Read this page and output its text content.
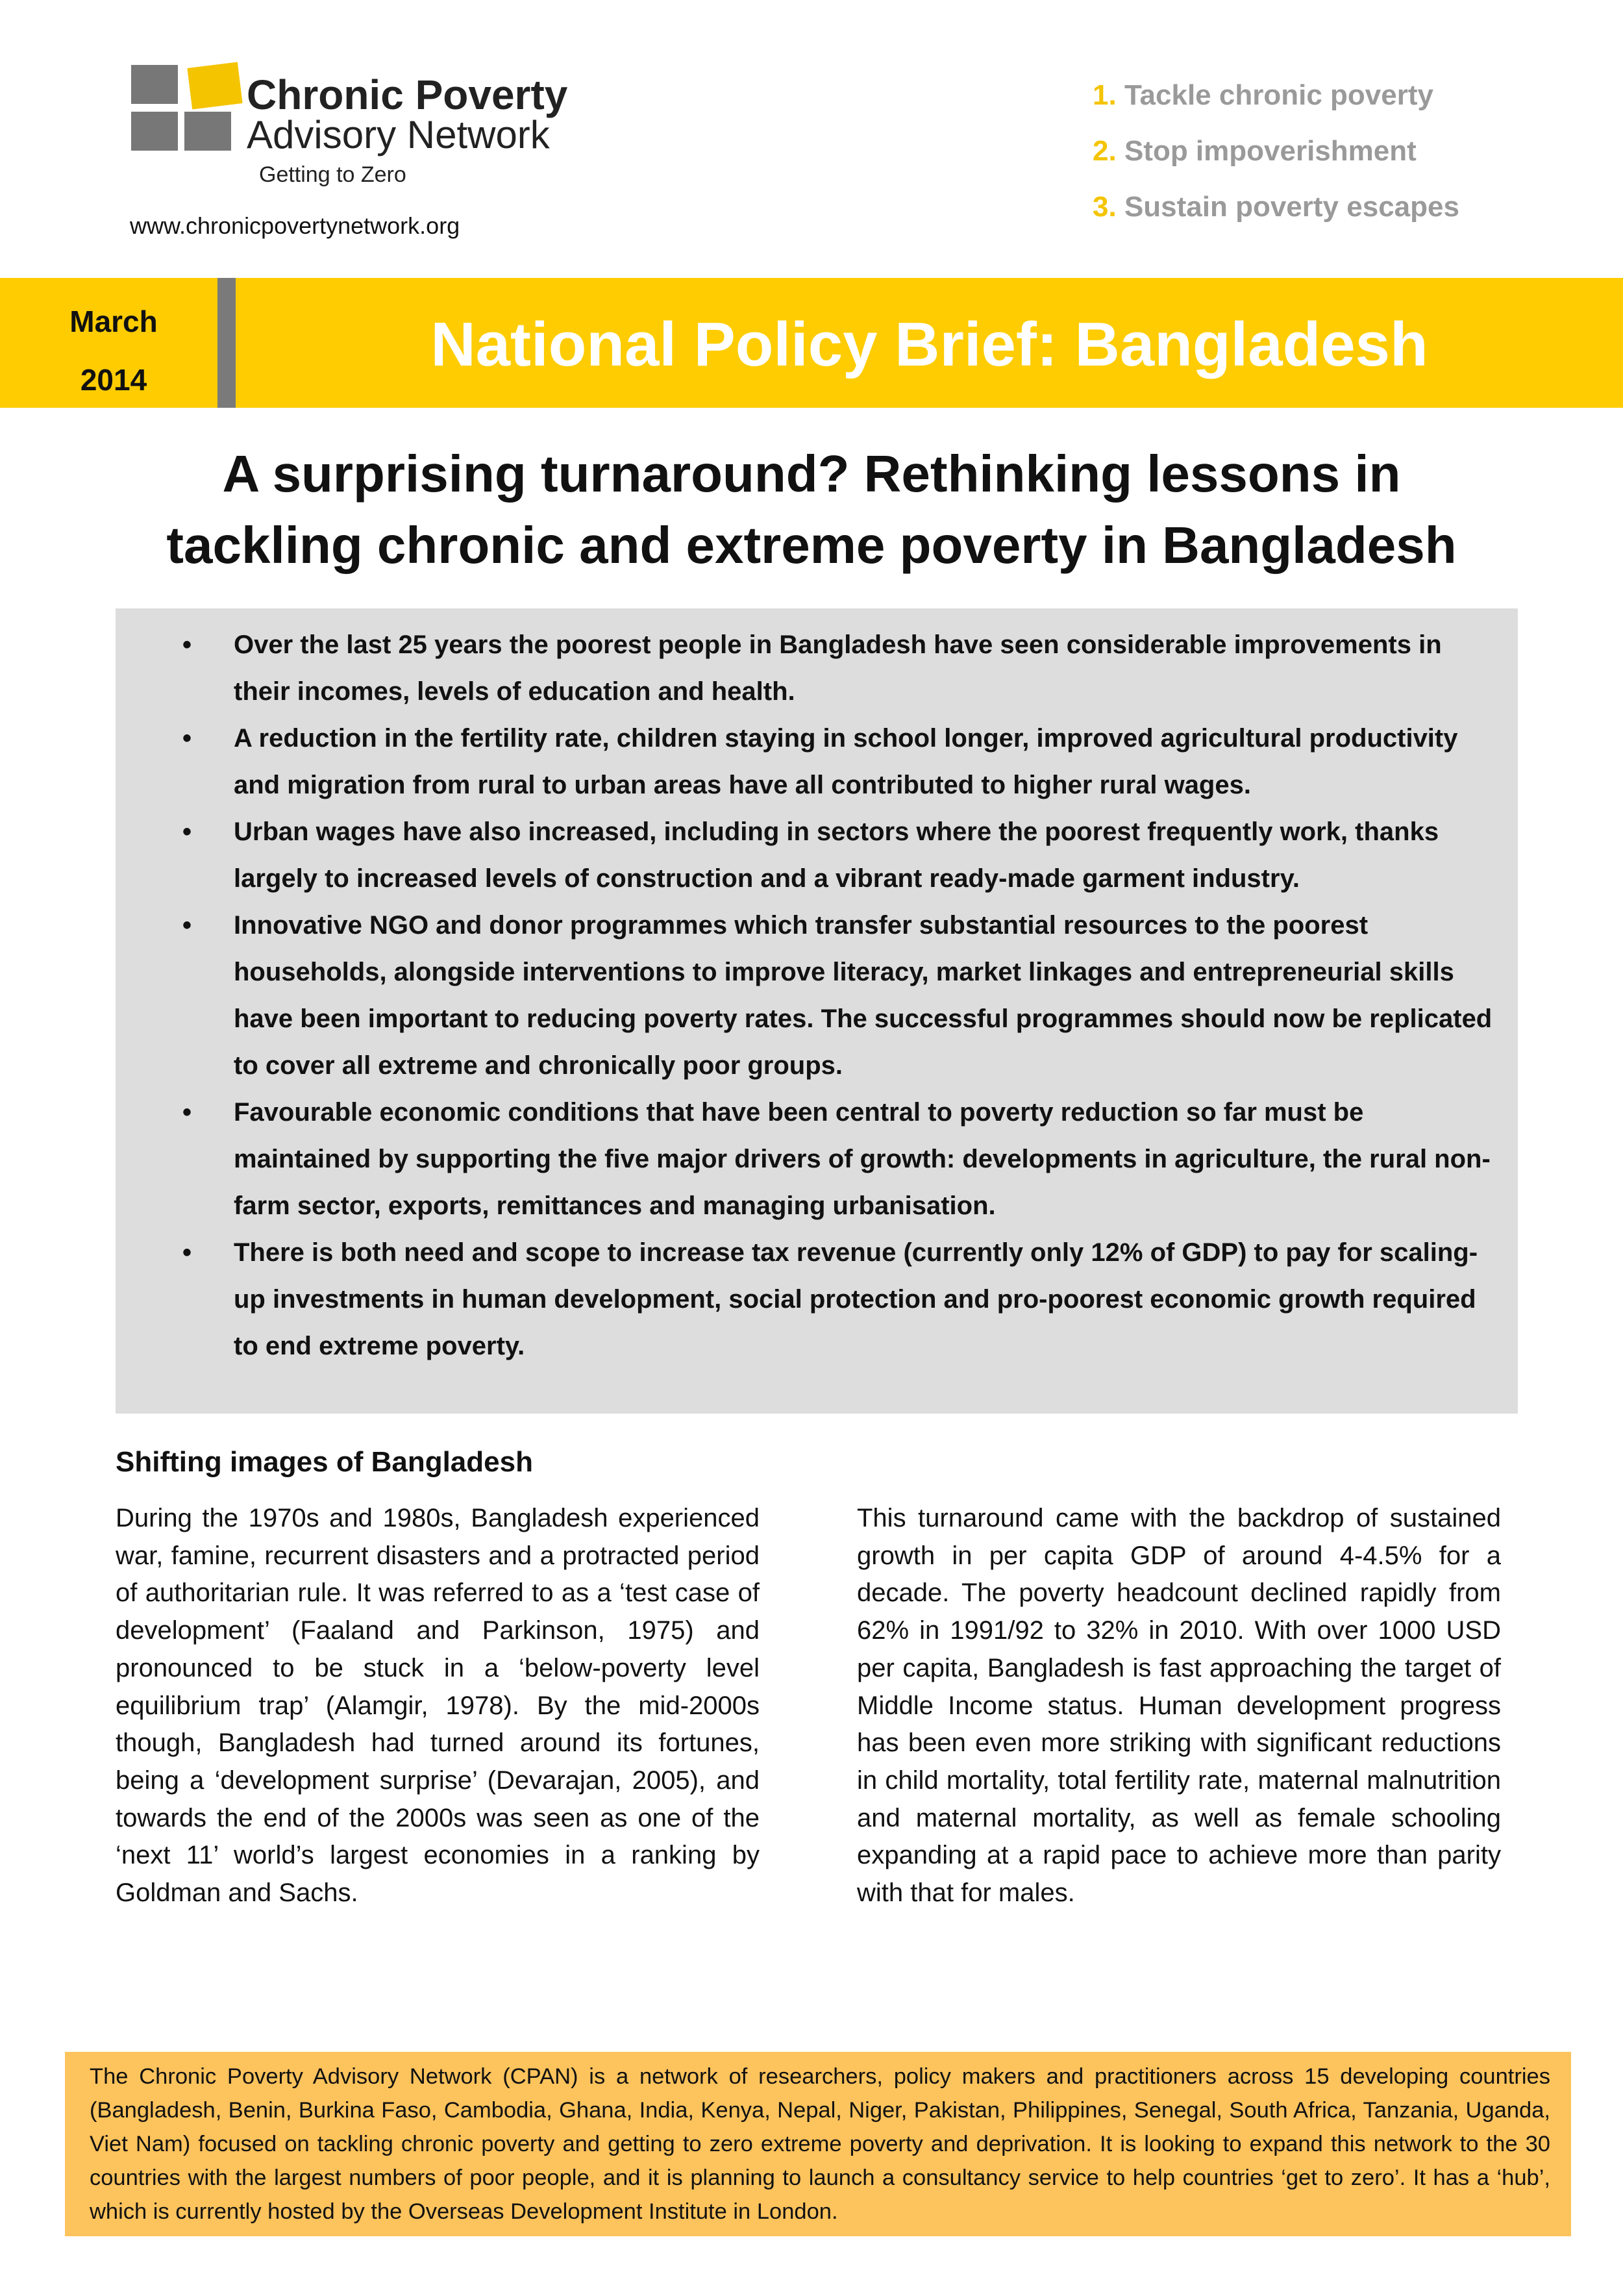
Chronic Poverty
Advisory Network
Getting to Zero
www.chronicpovertynetwork.org
1. Tackle chronic poverty
2. Stop impoverishment
3. Sustain poverty escapes
March
2014
National Policy Brief: Bangladesh
A surprising turnaround? Rethinking lessons in
tackling chronic and extreme poverty in Bangladesh
• Over the last 25 years the poorest people in Bangladesh have seen considerable improvements in their incomes, levels of education and health.
• A reduction in the fertility rate, children staying in school longer, improved agricultural productivity and migration from rural to urban areas have all contributed to higher rural wages.
• Urban wages have also increased, including in sectors where the poorest frequently work, thanks largely to increased levels of construction and a vibrant ready-made garment industry.
• Innovative NGO and donor programmes which transfer substantial resources to the poorest households, alongside interventions to improve literacy, market linkages and entrepreneurial skills have been important to reducing poverty rates. The successful programmes should now be replicated to cover all extreme and chronically poor groups.
• Favourable economic conditions that have been central to poverty reduction so far must be maintained by supporting the five major drivers of growth: developments in agriculture, the rural non-farm sector, exports, remittances and managing urbanisation.
• There is both need and scope to increase tax revenue (currently only 12% of GDP) to pay for scaling-up investments in human development, social protection and pro-poorest economic growth required to end extreme poverty.
Shifting images of Bangladesh
During the 1970s and 1980s, Bangladesh experienced war, famine, recurrent disasters and a protracted period of authoritarian rule. It was referred to as a ‘test case of development’ (Faaland and Parkinson, 1975) and pronounced to be stuck in a ‘below-poverty level equilibrium trap’ (Alamgir, 1978). By the mid-2000s though, Bangladesh had turned around its fortunes, being a ‘development surprise’ (Devarajan, 2005), and towards the end of the 2000s was seen as one of the ‘next 11’ world’s largest economies in a ranking by Goldman and Sachs.
This turnaround came with the backdrop of sustained growth in per capita GDP of around 4-4.5% for a decade. The poverty headcount declined rapidly from 62% in 1991/92 to 32% in 2010. With over 1000 USD per capita, Bangladesh is fast approaching the target of Middle Income status. Human development progress has been even more striking with significant reductions in child mortality, total fertility rate, maternal malnutrition and maternal mortality, as well as female schooling expanding at a rapid pace to achieve more than parity with that for males.

The Chronic Poverty Advisory Network (CPAN) is a network of researchers, policy makers and practitioners across 15 developing countries (Bangladesh, Benin, Burkina Faso, Cambodia, Ghana, India, Kenya, Nepal, Niger, Pakistan, Philippines, Senegal, South Africa, Tanzania, Uganda, Viet Nam) focused on tackling chronic poverty and getting to zero extreme poverty and deprivation. It is looking to expand this network to the 30 countries with the largest numbers of poor people, and it is planning to launch a consultancy service to help countries ‘get to zero’. It has a ‘hub’, which is currently hosted by the Overseas Development Institute in London.
